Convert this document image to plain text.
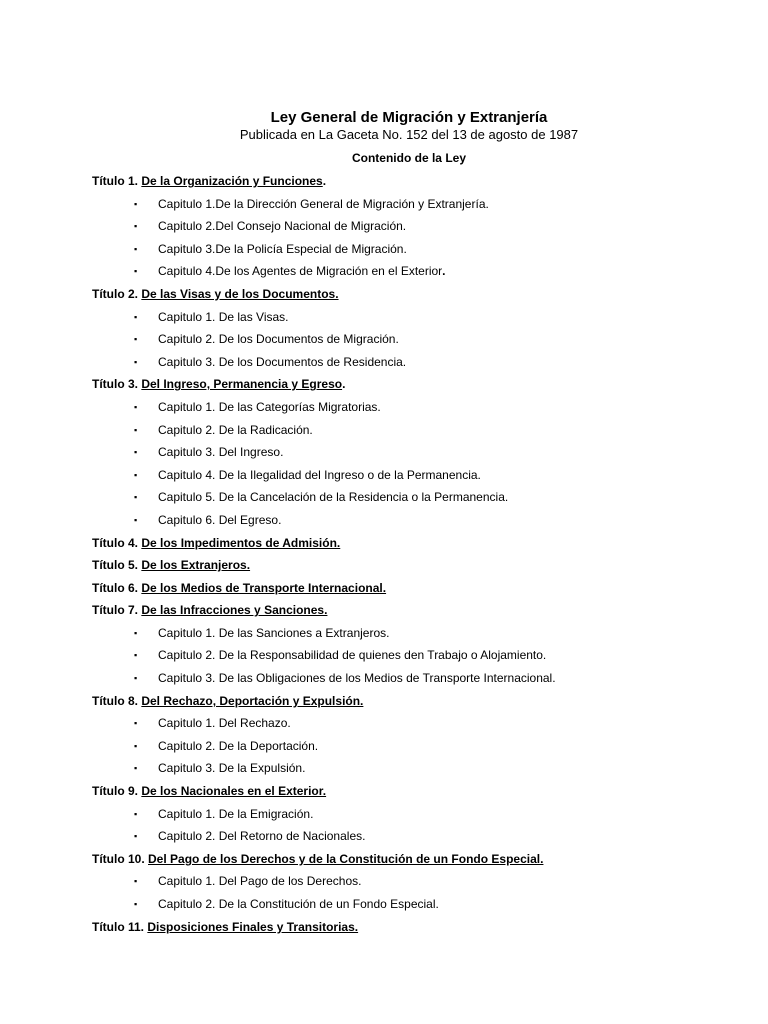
Ley General de Migración y Extranjería
Publicada en La Gaceta No. 152 del 13 de agosto de 1987
Contenido de la Ley
Título 1. De la Organización y Funciones.
▪ Capitulo 1.De la Dirección General de Migración y Extranjería.
▪ Capitulo 2.Del Consejo Nacional de Migración.
▪ Capitulo 3.De la Policía Especial de Migración.
▪ Capitulo 4.De los Agentes de Migración en el Exterior.
Título 2. De las Visas y de los Documentos.
▪ Capitulo 1. De las Visas.
▪ Capitulo 2. De los Documentos de Migración.
▪ Capitulo 3. De los Documentos de Residencia.
Título 3. Del Ingreso, Permanencia y Egreso.
▪ Capitulo 1. De las Categorías Migratorias.
▪ Capitulo 2. De la Radicación.
▪ Capitulo 3. Del Ingreso.
▪ Capitulo 4. De la Ilegalidad del Ingreso o de la Permanencia.
▪ Capitulo 5. De la Cancelación de la Residencia o la Permanencia.
▪ Capitulo 6. Del Egreso.
Título 4. De los Impedimentos de Admisión.
Título 5. De los Extranjeros.
Título 6. De los Medios de Transporte Internacional.
Título 7. De las Infracciones y Sanciones.
▪ Capitulo 1. De las Sanciones a Extranjeros.
▪ Capitulo 2. De la Responsabilidad de quienes den Trabajo o Alojamiento.
▪ Capitulo 3. De las Obligaciones de los Medios de Transporte Internacional.
Título 8. Del Rechazo, Deportación y Expulsión.
▪ Capitulo 1. Del Rechazo.
▪ Capitulo 2. De la Deportación.
▪ Capitulo 3. De la Expulsión.
Título 9. De los Nacionales en el Exterior.
▪ Capitulo 1. De la Emigración.
▪ Capitulo 2. Del Retorno de Nacionales.
Título 10. Del Pago de los Derechos y de la Constitución de un Fondo Especial.
▪ Capitulo 1. Del Pago de los Derechos.
▪ Capitulo 2. De la Constitución de un Fondo Especial.
Título 11. Disposiciones Finales y Transitorias.
